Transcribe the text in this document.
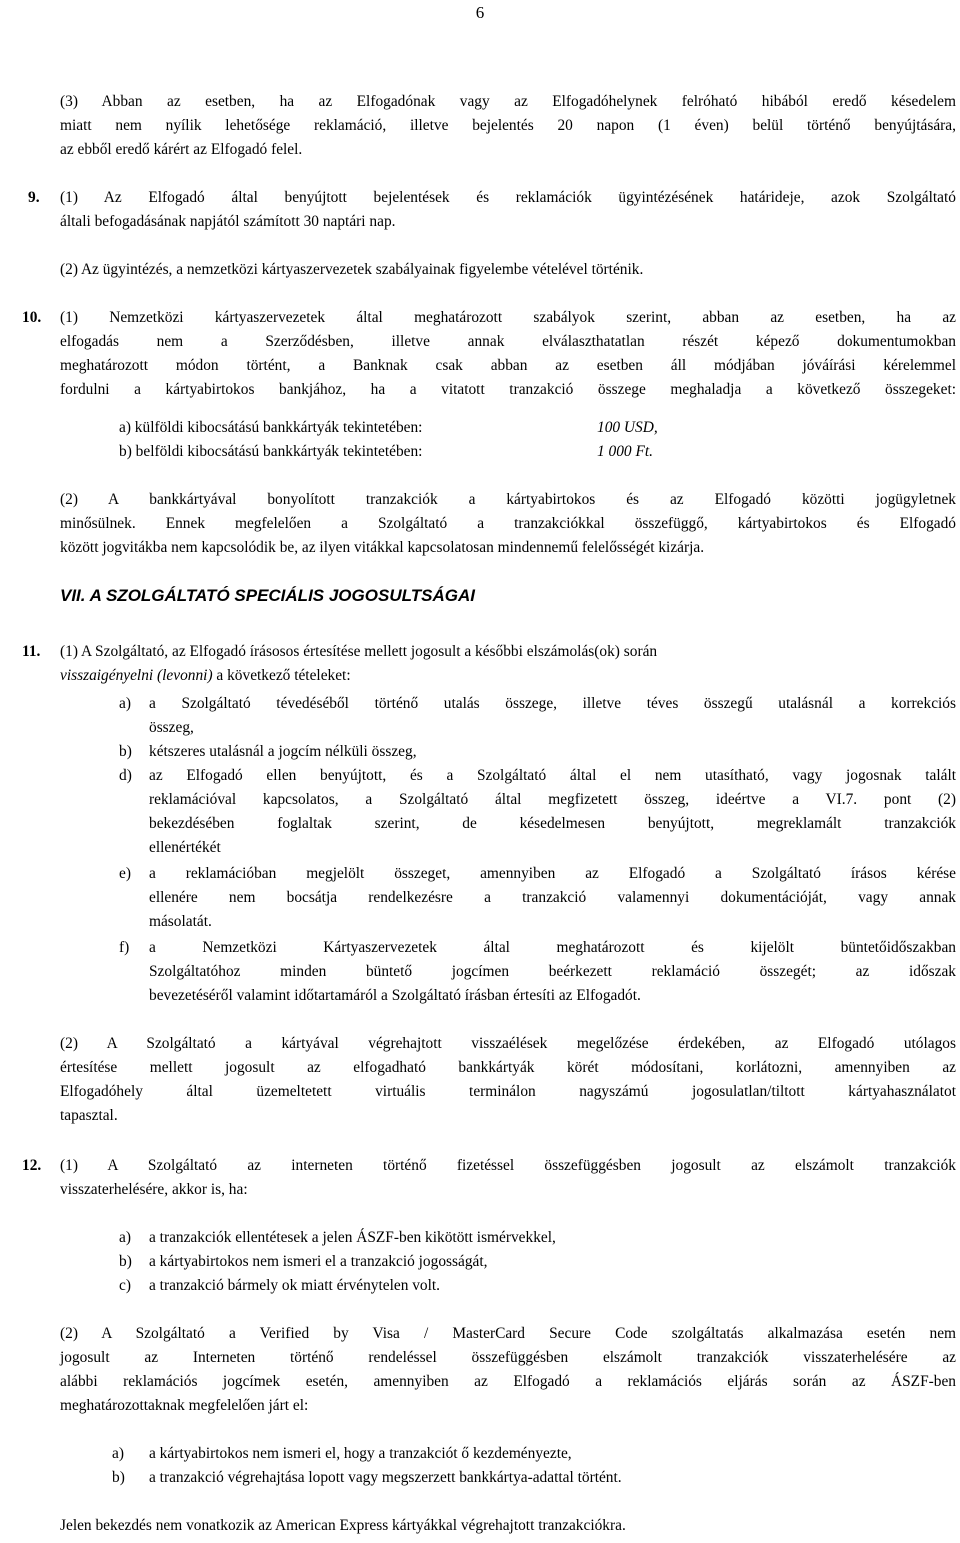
6
(3) Abban az esetben, ha az Elfogadónak vagy az Elfogadóhelynek felróható hibából eredő késedelem
miatt nem nyílik lehetősége reklamáció, illetve bejelentés 20 napon (1 éven) belül történő benyújtására,
az ebből eredő kárért az Elfogadó felel.
9. (1) Az Elfogadó által benyújtott bejelentések és reklamációk ügyintézésének határideje, azok Szolgáltató
általi befogadásának napjától számított 30 naptári nap.
(2) Az ügyintézés, a nemzetközi kártyaszervezetek szabályainak figyelembe vételével történik.
10. (1) Nemzetközi kártyaszervezetek által meghatározott szabályok szerint, abban az esetben, ha az
elfogadás nem a Szerződésben, illetve annak elválaszthatatlan részét képező dokumentumokban
meghatározott módon történt, a Banknak csak abban az esetben áll módjában jóváírási kérelemmel
fordulni a kártyabirtokos bankjához, ha a vitatott tranzakció összege meghaladja a következő összegeket:
a) külföldi kibocsátású bankkártyák tekintetében:	100 USD,
b) belföldi kibocsátású bankkártyák tekintetében:	1 000 Ft.
(2) A bankkártyával bonyolított tranzakciók a kártyabirtokos és az Elfogadó közötti jogügyletnek
minősülnek. Ennek megfelelően a Szolgáltató a tranzakciókkal összefüggő, kártyabirtokos és Elfogadó
között jogvitákba nem kapcsolódik be, az ilyen vitákkal kapcsolatosan mindennemű felelősségét kizárja.
VII. A SZOLGÁLTATÓ SPECIÁLIS JOGOSULTSÁGAI
11. (1) A Szolgáltató, az Elfogadó írásosos értesítése mellett jogosult a későbbi elszámolás(ok) során
visszaigényelni (levonni) a következő tételeket:
a) a Szolgáltató tévedéséből történő utalás összege, illetve téves összegű utalásnál a korrekciós
összeg,
b) kétszeres utalásnál a jogcím nélküli összeg,
d) az Elfogadó ellen benyújtott, és a Szolgáltató által el nem utasítható, vagy jogosnak talált
reklamációval kapcsolatos, a Szolgáltató által megfizetett összeg, ideértve a VI.7. pont (2)
bekezdésében foglaltak szerint, de késedelmesen benyújtott, megreklamált tranzakciók
ellenértékét
e) a reklamációban megjelölt összeget, amennyiben az Elfogadó a Szolgáltató írásos kérése
ellenére nem bocsátja rendelkezésre a tranzakció valamennyi dokumentációját, vagy annak
másolatát.
f) a Nemzetközi Kártyaszervezetek által meghatározott és kijelölt büntetőidőszakban
Szolgáltatóhoz minden büntető jogcímen beérkezett reklamáció összegét; az időszak
bevezetéséről valamint időtartamáról a Szolgáltató írásban értesíti az Elfogadót.
(2) A Szolgáltató a kártyával végrehajtott visszaélések megelőzése érdekében, az Elfogadó utólagos
értesítése mellett jogosult az elfogadható bankkártyák körét módosítani, korlátozni, amennyiben az
Elfogadóhely által üzemeltetett virtuális terminálon nagyszámú jogosulatlan/tiltott kártyahasználatot
tapasztal.
12. (1) A Szolgáltató az interneten történő fizetéssel összefüggésben jogosult az elszámolt tranzakciók
visszaterhelésére, akkor is, ha:
a) a tranzakciók ellentétesek a jelen ÁSZF-ben kikötött ismérvekkel,
b) a kártyabirtokos nem ismeri el a tranzakció jogosságát,
c) a tranzakció bármely ok miatt érvénytelen volt.
(2) A Szolgáltató a Verified by Visa / MasterCard Secure Code szolgáltatás alkalmazása esetén nem
jogosult az Interneten történő rendeléssel összefüggésben elszámolt tranzakciók visszaterhelésére az
alábbi reklamációs jogcímek esetén, amennyiben az Elfogadó a reklamációs eljárás során az ÁSZF-ben
meghatározottaknak megfelelően járt el:
a) a kártyabirtokos nem ismeri el, hogy a tranzakciót ő kezdeményezte,
b) a tranzakció végrehajtása lopott vagy megszerzett bankkártya-adattal történt.
Jelen bekezdés nem vonatkozik az American Express kártyákkal végrehajtott tranzakciókra.
